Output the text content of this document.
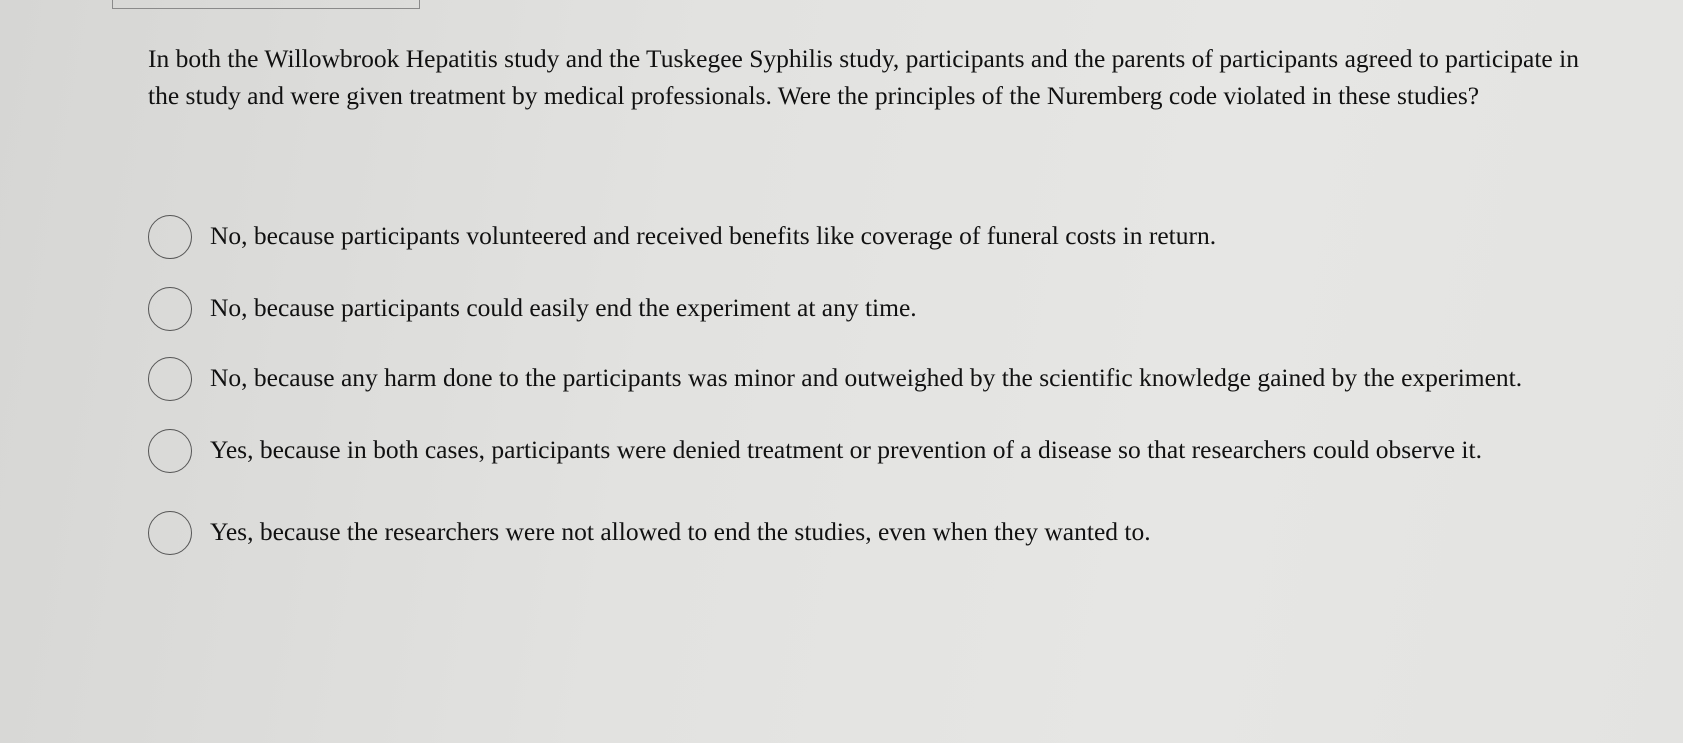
In both the Willowbrook Hepatitis study and the Tuskegee Syphilis study, participants and the parents of participants agreed to participate in the study and were given treatment by medical professionals. Were the principles of the Nuremberg code violated in these studies?

No, because participants volunteered and received benefits like coverage of funeral costs in return.
No, because participants could easily end the experiment at any time.
No, because any harm done to the participants was minor and outweighed by the scientific knowledge gained by the experiment.
Yes, because in both cases, participants were denied treatment or prevention of a disease so that researchers could observe it.
Yes, because the researchers were not allowed to end the studies, even when they wanted to.
